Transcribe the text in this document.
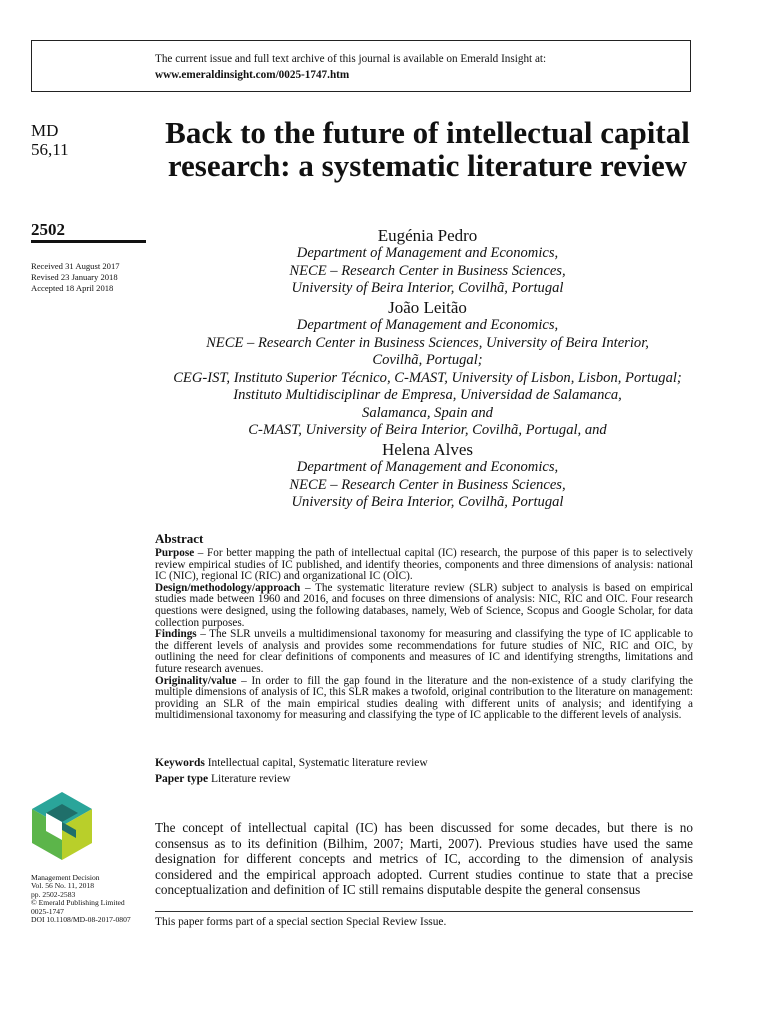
The current issue and full text archive of this journal is available on Emerald Insight at:
www.emeraldinsight.com/0025-1747.htm
MD
56,11	Back to the future of intellectual capital research: a systematic literature review
2502
Received 31 August 2017
Revised 23 January 2018
Accepted 18 April 2018
Eugénia Pedro
Department of Management and Economics,
NECE – Research Center in Business Sciences,
University of Beira Interior, Covilhã, Portugal
João Leitão
Department of Management and Economics,
NECE – Research Center in Business Sciences, University of Beira Interior,
Covilhã, Portugal;
CEG-IST, Instituto Superior Técnico, C-MAST, University of Lisbon, Lisbon, Portugal;
Instituto Multidisciplinar de Empresa, Universidad de Salamanca,
Salamanca, Spain and
C-MAST, University of Beira Interior, Covilhã, Portugal, and
Helena Alves
Department of Management and Economics,
NECE – Research Center in Business Sciences,
University of Beira Interior, Covilhã, Portugal
Abstract

Purpose – For better mapping the path of intellectual capital (IC) research, the purpose of this paper is to selectively review empirical studies of IC published, and identify theories, components and three dimensions of analysis: national IC (NIC), regional IC (RIC) and organizational IC (OIC).

Design/methodology/approach – The systematic literature review (SLR) subject to analysis is based on empirical studies made between 1960 and 2016, and focuses on three dimensions of analysis: NIC, RIC and OIC. Four research questions were designed, using the following databases, namely, Web of Science, Scopus and Google Scholar, for data collection purposes.

Findings – The SLR unveils a multidimensional taxonomy for measuring and classifying the type of IC applicable to the different levels of analysis and provides some recommendations for future studies of NIC, RIC and OIC, by outlining the need for clear definitions of components and measures of IC and identifying strengths, limitations and future research avenues.

Originality/value – In order to fill the gap found in the literature and the non-existence of a study clarifying the multiple dimensions of analysis of IC, this SLR makes a twofold, original contribution to the literature on management: providing an SLR of the main empirical studies dealing with different units of analysis; and identifying a multidimensional taxonomy for measuring and classifying the type of IC applicable to the different levels of analysis.

Keywords Intellectual capital, Systematic literature review
Paper type Literature review
Management Decision
Vol. 56 No. 11, 2018
pp. 2502-2583
© Emerald Publishing Limited
0025-1747
DOI 10.1108/MD-08-2017-0807
The concept of intellectual capital (IC) has been discussed for some decades, but there is no consensus as to its definition (Bilhim, 2007; Marti, 2007). Previous studies have used the same designation for different concepts and metrics of IC, according to the dimension of analysis considered and the empirical approach adopted. Current studies continue to state that a precise conceptualization and definition of IC still remains disputable despite the general consensus
This paper forms part of a special section Special Review Issue.
